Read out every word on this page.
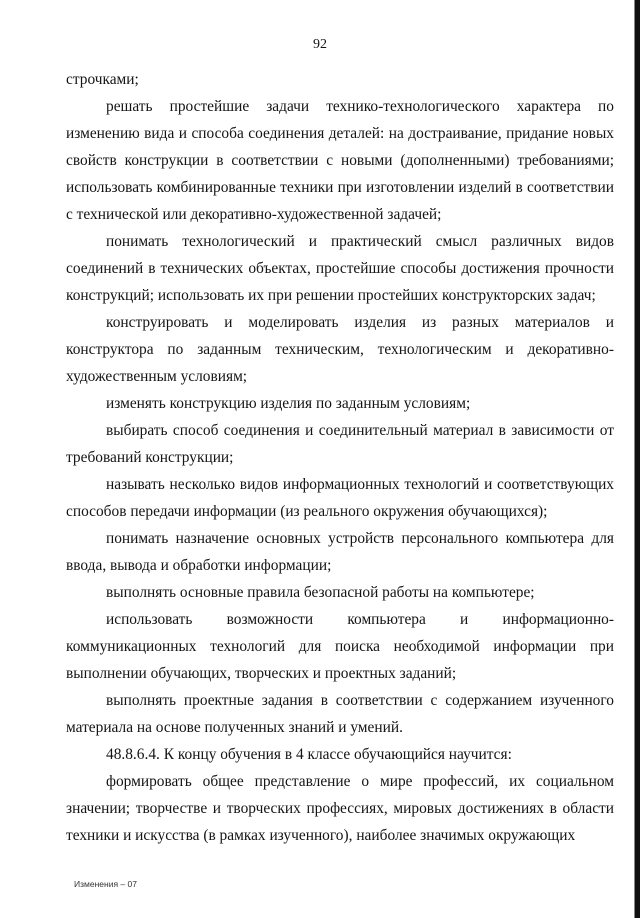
92

строчками;

решать простейшие задачи технико-технологического характера по изменению вида и способа соединения деталей: на достраивание, придание новых свойств конструкции в соответствии с новыми (дополненными) требованиями; использовать комбинированные техники при изготовлении изделий в соответствии с технической или декоративно-художественной задачей;

понимать технологический и практический смысл различных видов соединений в технических объектах, простейшие способы достижения прочности конструкций; использовать их при решении простейших конструкторских задач;

конструировать и моделировать изделия из разных материалов и конструктора по заданным техническим, технологическим и декоративно-художественным условиям;

изменять конструкцию изделия по заданным условиям;

выбирать способ соединения и соединительный материал в зависимости от требований конструкции;

называть несколько видов информационных технологий и соответствующих способов передачи информации (из реального окружения обучающихся);

понимать назначение основных устройств персонального компьютера для ввода, вывода и обработки информации;

выполнять основные правила безопасной работы на компьютере;

использовать возможности компьютера и информационно-коммуникационных технологий для поиска необходимой информации при выполнении обучающих, творческих и проектных заданий;

выполнять проектные задания в соответствии с содержанием изученного материала на основе полученных знаний и умений.

48.8.6.4. К концу обучения в 4 классе обучающийся научится:

формировать общее представление о мире профессий, их социальном значении; творчестве и творческих профессиях, мировых достижениях в области техники и искусства (в рамках изученного), наиболее значимых окружающих

Изменения – 07
